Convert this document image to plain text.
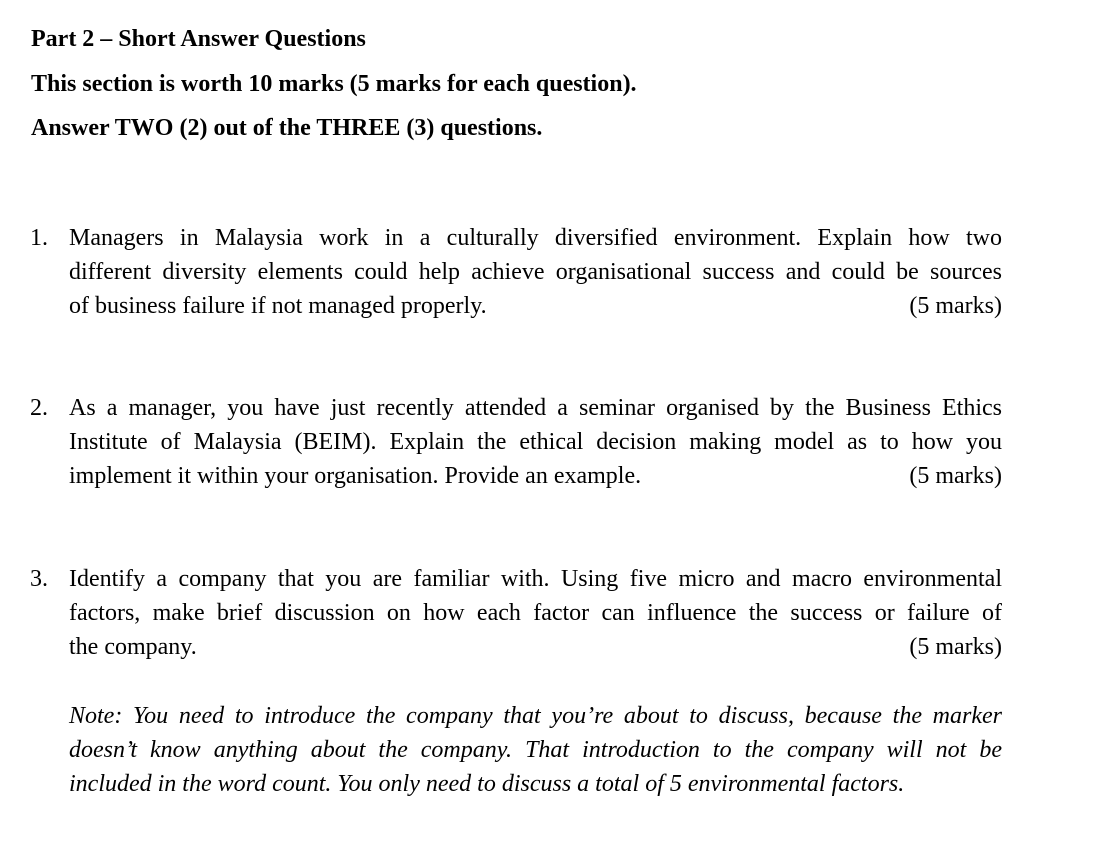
Part 2 – Short Answer Questions
This section is worth 10 marks (5 marks for each question).
Answer TWO (2) out of the THREE (3) questions.
1. Managers in Malaysia work in a culturally diversified environment. Explain how two
different diversity elements could help achieve organisational success and could be sources
of business failure if not managed properly.	(5 marks)
2. As a manager, you have just recently attended a seminar organised by the Business Ethics
Institute of Malaysia (BEIM). Explain the ethical decision making model as to how you
implement it within your organisation. Provide an example.	(5 marks)
3. Identify a company that you are familiar with. Using five micro and macro environmental
factors, make brief discussion on how each factor can influence the success or failure of
the company.	(5 marks)
Note: You need to introduce the company that you’re about to discuss, because the marker
doesn’t know anything about the company. That introduction to the company will not be
included in the word count. You only need to discuss a total of 5 environmental factors.
